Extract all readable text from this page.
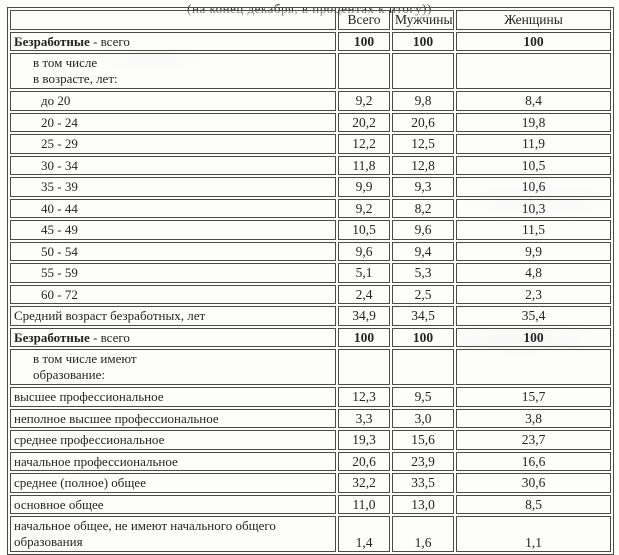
(на конец декабря, в процентах к итогу))
	Всего	Мужчины	Женщины
Безработные - всего	100	100	100

в том числе
в возрасте, лет:			

до 20	9,2	9,8	8,4
20 - 24	20,2	20,6	19,8
25 - 29	12,2	12,5	11,9
30 - 34	11,8	12,8	10,5
35 - 39	9,9	9,3	10,6
40 - 44	9,2	8,2	10,3
45 - 49	10,5	9,6	11,5
50 - 54	9,6	9,4	9,9
55 - 59	5,1	5,3	4,8
60 - 72	2,4	2,5	2,3
Средний возраст безработных, лет	34,9	34,5	35,4
Безработные - всего	100	100	100

в том числе имеют
образование:			

высшее профессиональное	12,3	9,5	15,7
неполное высшее профессиональное	3,3	3,0	3,8
среднее профессиональное	19,3	15,6	23,7
начальное профессиональное	20,6	23,9	16,6
среднее (полное) общее	32,2	33,5	30,6
основное общее	11,0	13,0	8,5

начальное общее, не имеют начального общего
образования	1,4	1,6	1,1
